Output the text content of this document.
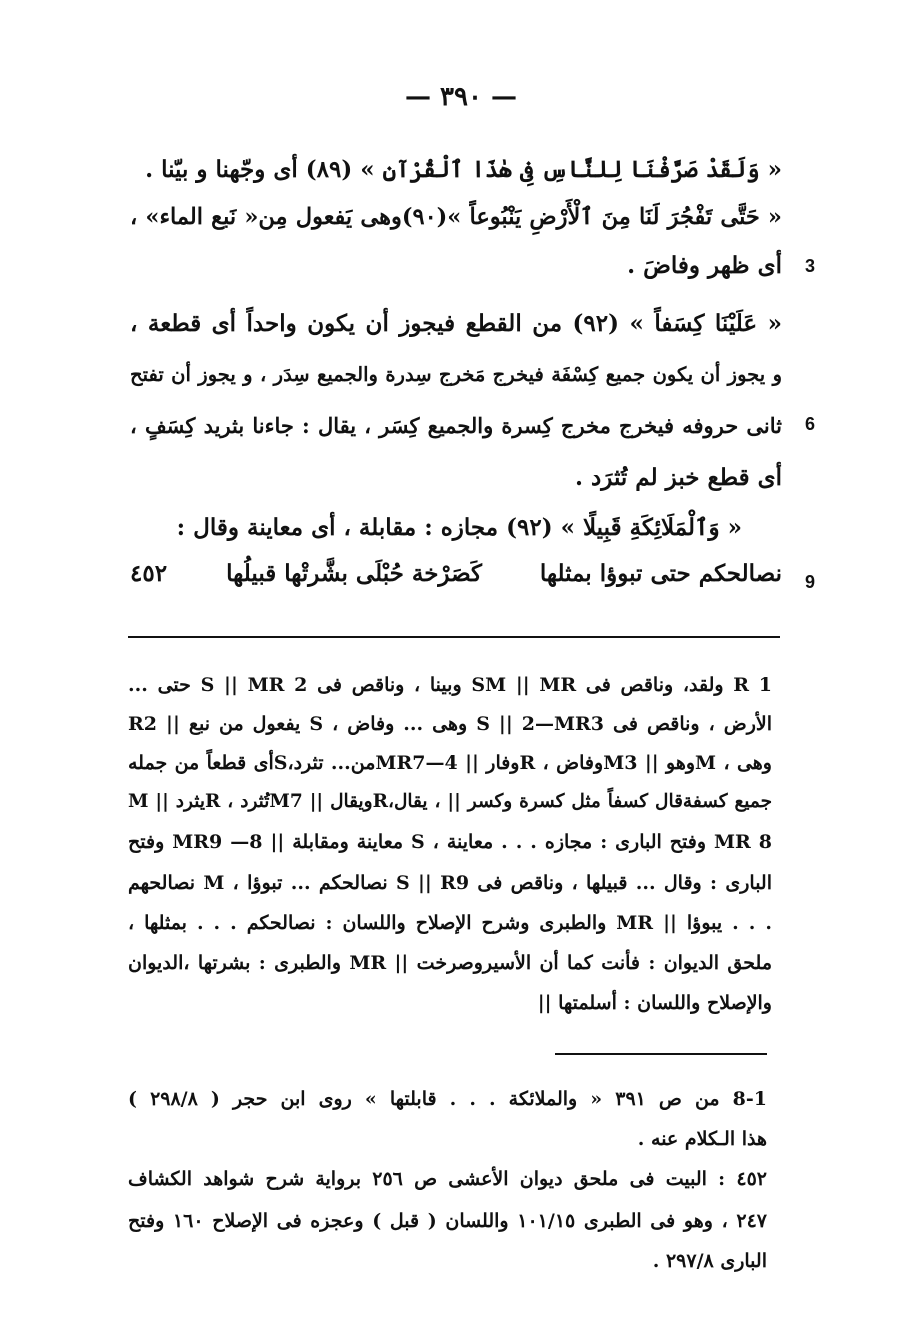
— ٣٩٠ —
« وَلَقَدْ صَرَّفْنَا لِلنَّاسِ فِى هٰذَا ٱلْقُرْآنِ » (٨٩) أى وجّهنا و بيّنا .
« حَتَّى تَفْجُرَ لَنَا مِنَ ٱلْأَرْضِ يَنْبُوعاً »(٩٠)وهى يَفعول مِن« نَبع الماء» ،
أى ظهر وفاضَ .
« عَلَيْنَا كِسَفاً » (٩٢) من القطع فيجوز أن يكون واحداً أى قطعة ،
و يجوز أن يكون جميع كِسْفَة فيخرج مَخرج سِدرة والجميع سِدَر ، و يجوز أن تفتح
ثانى حروفه فيخرج مخرج كِسرة والجميع كِسَر ، يقال : جاءنا بثريد كِسَفٍ ،
أى قطع خبز لم تُثرَد .
« وَٱلْمَلَائِكَةِ قَبِيلًا » (٩٢) مجازه : مقابلة ، أى معاينة وقال :
3
6
9
نصالحكم حتى تبوؤا بمثلها
كَصَرْخة حُبْلَى بشَّرتْها قبيلُها
٤٥٢
R 1 ولقد، وناقص فى SM || MR وبينا ، وناقص فى S || MR 2 حتى ...
الأرض ، وناقص فى S || 2—MR3 وهى ... وفاض ، S يفعول من نبع || R2
وهى ، Mوهو || M3وفاض ، Rوفار || 4—MR7من... تثرد،Sأى قطعاً من جمله
جميع كسفةقال كسفاً مثل كسرة وكسر || ، يقال،Rويقال || M7تُثرد ، Rيثرد || M
MR 8 وفتح البارى : مجازه . . . معاينة ، S معاينة ومقابلة || 8— MR9 وفتح
البارى : وقال ... قبيلها ، وناقص فى S || R9 نصالحكم ... تبوؤا ، M نصالحهم
. . . يبوؤا || MR والطبرى وشرح الإصلاح واللسان : نصالحكم . . . بمثلها ،
ملحق الديوان : فأنت كما أن الأسيروصرخت || MR والطبرى : بشرتها ،الديوان
والإصلاح واللسان : أسلمتها ||
8-1 من ص ٣٩١ « والملائكة . . . قابلتها » روى ابن حجر ( ٢٩٨/٨ )
هذا الـكلام عنه .
٤٥٢ : البيت فى ملحق ديوان الأعشى ص ٢٥٦ برواية شرح شواهد الكشاف
٢٤٧ ، وهو فى الطبرى ١٠١/١٥ واللسان ( قبل ) وعجزه فى الإصلاح ١٦٠ وفتح
البارى ٢٩٧/٨ .
